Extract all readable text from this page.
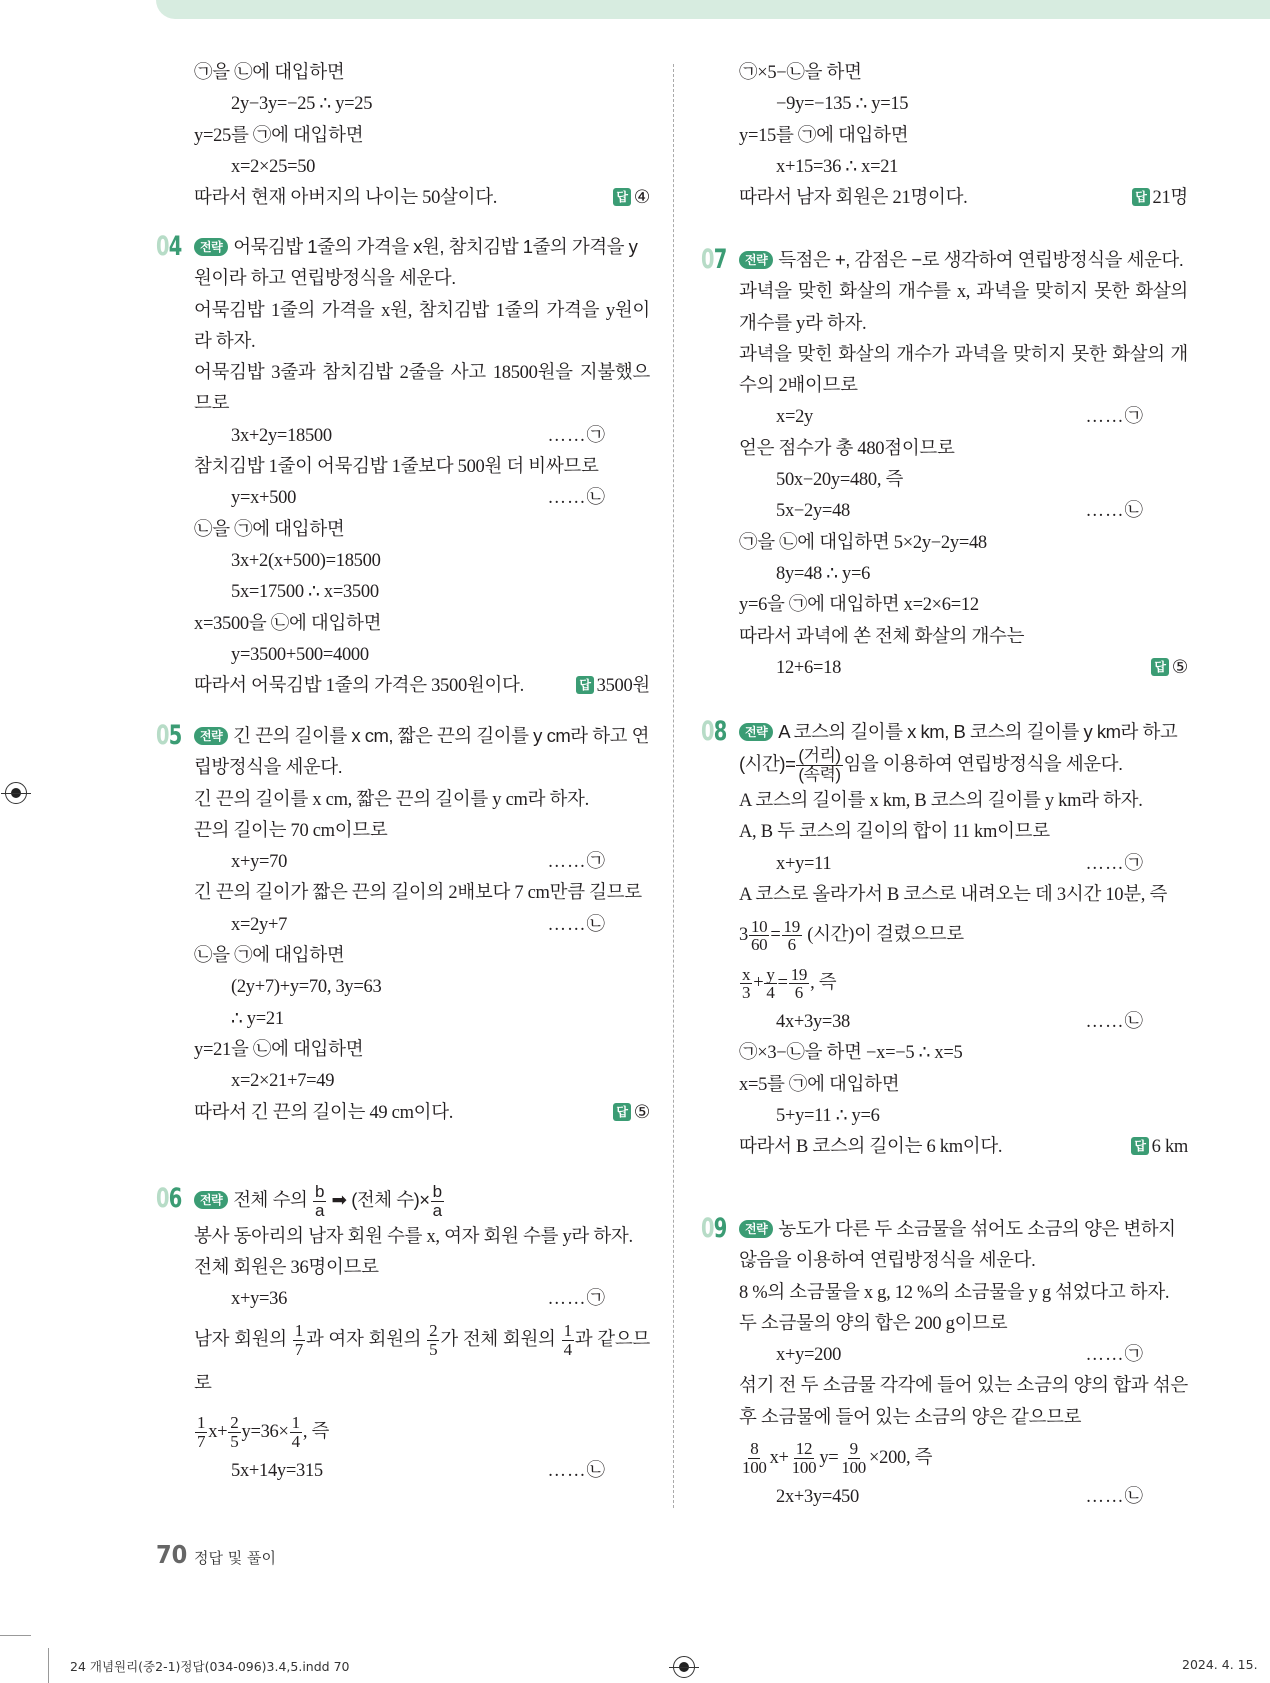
㉠을 ㉡에 대입하면
2y−3y=−25 ∴ y=25
y=25를 ㉠에 대입하면
x=2×25=50
따라서 현재 아버지의 나이는 50살이다.	답 ④
04	전략 어묵김밥 1줄의 가격을 x원, 참치김밥 1줄의 가격을 y원이라 하고 연립방정식을 세운다.
어묵김밥 1줄의 가격을 x원, 참치김밥 1줄의 가격을 y원이라 하자.
어묵김밥 3줄과 참치김밥 2줄을 사고 18500원을 지불했으므로
3x+2y=18500	……㉠
참치김밥 1줄이 어묵김밥 1줄보다 500원 더 비싸므로
y=x+500	……㉡
㉡을 ㉠에 대입하면
3x+2(x+500)=18500
5x=17500 ∴ x=3500
x=3500을 ㉡에 대입하면
y=3500+500=4000
따라서 어묵김밥 1줄의 가격은 3500원이다.	답 3500원
05	전략 긴 끈의 길이를 x cm, 짧은 끈의 길이를 y cm라 하고 연립방정식을 세운다.
긴 끈의 길이를 x cm, 짧은 끈의 길이를 y cm라 하자.
끈의 길이는 70 cm이므로
x+y=70	……㉠
긴 끈의 길이가 짧은 끈의 길이의 2배보다 7 cm만큼 길므로
x=2y+7	……㉡
㉡을 ㉠에 대입하면
(2y+7)+y=70, 3y=63
∴ y=21
y=21을 ㉡에 대입하면
x=2×21+7=49
따라서 긴 끈의 길이는 49 cm이다.	답 ⑤
06	전략 전체 수의 $\frac{b}{a}$ ➡ (전체 수)× $\frac{b}{a}$
봉사 동아리의 남자 회원 수를 x, 여자 회원 수를 y라 하자.
전체 회원은 36명이므로
x+y=36	……㉠
남자 회원의 $\frac{1}{7}$ 과 여자 회원의 $\frac{2}{5}$ 가 전체 회원의 $\frac{1}{4}$ 과 같으므로
$\frac{1}{7} x+ \frac{2}{5} y=36\times \frac{1}{4}$ , 즉
5x+14y=315	……㉡
㉠×5−㉡을 하면
−9y=−135 ∴ y=15
y=15를 ㉠에 대입하면
x+15=36 ∴ x=21
따라서 남자 회원은 21명이다.	답 21명
07	전략 득점은 +, 감점은 −로 생각하여 연립방정식을 세운다.
과녁을 맞힌 화살의 개수를 x, 과녁을 맞히지 못한 화살의 개수를 y라 하자.
과녁을 맞힌 화살의 개수가 과녁을 맞히지 못한 화살의 개수의 2배이므로
x=2y	……㉠
얻은 점수가 총 480점이므로
50x−20y=480, 즉
5x−2y=48	……㉡
㉠을 ㉡에 대입하면 5×2y−2y=48
8y=48 ∴ y=6
y=6을 ㉠에 대입하면 x=2×6=12
따라서 과녁에 쏜 전체 화살의 개수는
12+6=18	답 ⑤
08	전략 A 코스의 길이를 x km, B 코스의 길이를 y km라 하고 (시간)= $\frac{\text{(거리)}}{\text{(속력)}}$ 임을 이용하여 연립방정식을 세운다.
A 코스의 길이를 x km, B 코스의 길이를 y km라 하자.
A, B 두 코스의 길이의 합이 11 km이므로
x+y=11	……㉠
A 코스로 올라가서 B 코스로 내려오는 데 3시간 10분, 즉
$3 \frac{10}{60} = \frac{19}{6}$ (시간)이 걸렸으므로
$\frac{x}{3} + \frac{y}{4} = \frac{19}{6}$ , 즉
4x+3y=38	……㉡
㉠×3−㉡을 하면 −x=−5 ∴ x=5
x=5를 ㉠에 대입하면
5+y=11 ∴ y=6
따라서 B 코스의 길이는 6 km이다.	답 6 km
09	전략 농도가 다른 두 소금물을 섞어도 소금의 양은 변하지 않음을 이용하여 연립방정식을 세운다.
8 %의 소금물을 x g, 12 %의 소금물을 y g 섞었다고 하자.
두 소금물의 양의 합은 200 g이므로
x+y=200	……㉠
섞기 전 두 소금물 각각에 들어 있는 소금의 양의 합과 섞은 후 소금물에 들어 있는 소금의 양은 같으므로
$\frac{8}{100} x+ \frac{12}{100} y= \frac{9}{100} \times 200$, 즉
2x+3y=450	……㉡
70 정답 및 풀이
24 개념원리(중2-1)정답(034-096)3.4,5.indd 70	2024. 4. 15.
